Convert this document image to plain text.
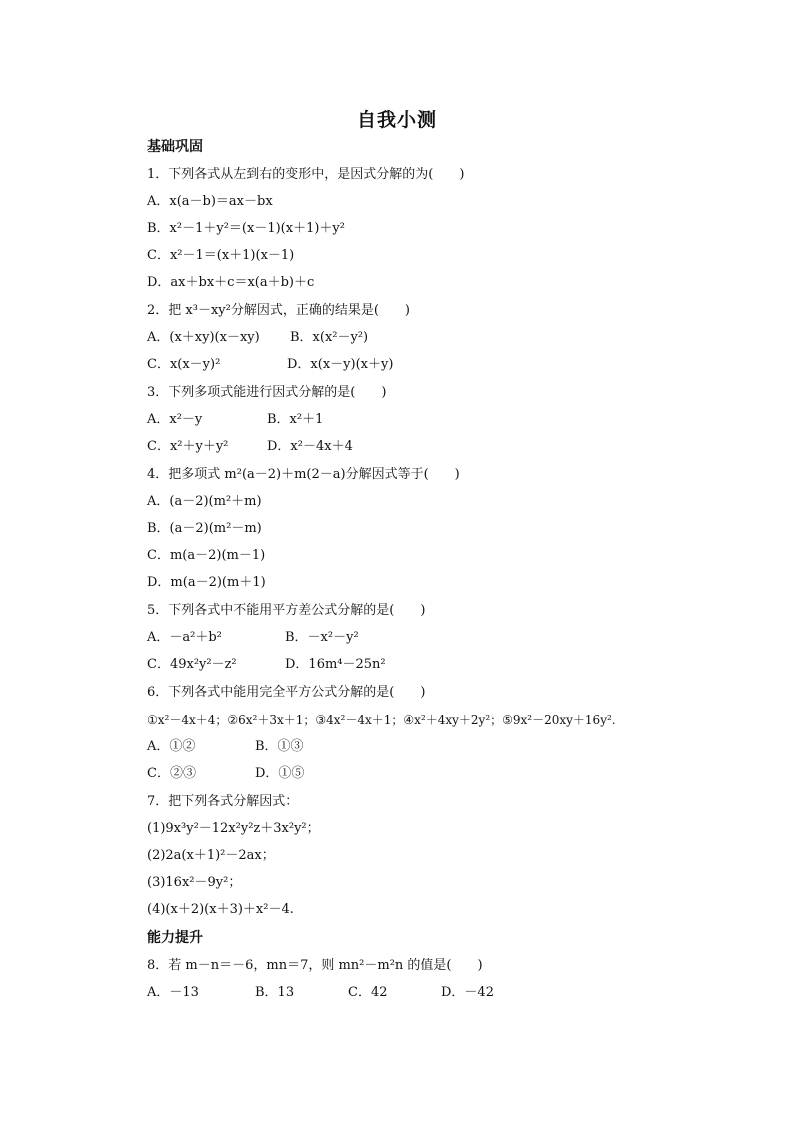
自我小测
基础巩固
1．下列各式从左到右的变形中，是因式分解的为(　　)
A．x(a－b)＝ax－bx
B．x²－1＋y²＝(x－1)(x＋1)＋y²
C．x²－1＝(x＋1)(x－1)
D．ax＋bx＋c＝x(a＋b)＋c
2．把 x³－xy²分解因式，正确的结果是(　　)
A．(x＋xy)(x－xy) B．x(x²－y²)
C．x(x－y)²	D．x(x－y)(x＋y)
3．下列多项式能进行因式分解的是(　　)
A．x²－y	B．x²＋1
C．x²＋y＋y²	D．x²－4x＋4
4．把多项式 m²(a－2)＋m(2－a)分解因式等于(　　)
A．(a－2)(m²＋m)
B．(a－2)(m²－m)
C．m(a－2)(m－1)
D．m(a－2)(m＋1)
5．下列各式中不能用平方差公式分解的是(　　)
A．－a²＋b²	B．－x²－y²
C．49x²y²－z²	D．16m⁴－25n²
6．下列各式中能用完全平方公式分解的是(　　)
①x²－4x＋4；②6x²＋3x＋1；③4x²－4x＋1；④x²＋4xy＋2y²；⑤9x²－20xy＋16y².
A．①②	B．①③
C．②③	D．①⑤
7．把下列各式分解因式：
(1)9x³y²－12x²y²z＋3x²y²；
(2)2a(x＋1)²－2ax；
(3)16x²－9y²；
(4)(x＋2)(x＋3)＋x²－4.
能力提升
8．若 m－n＝－6，mn＝7，则 mn²－m²n 的值是(　　)
A．－13	B．13	C．42	D．－42
